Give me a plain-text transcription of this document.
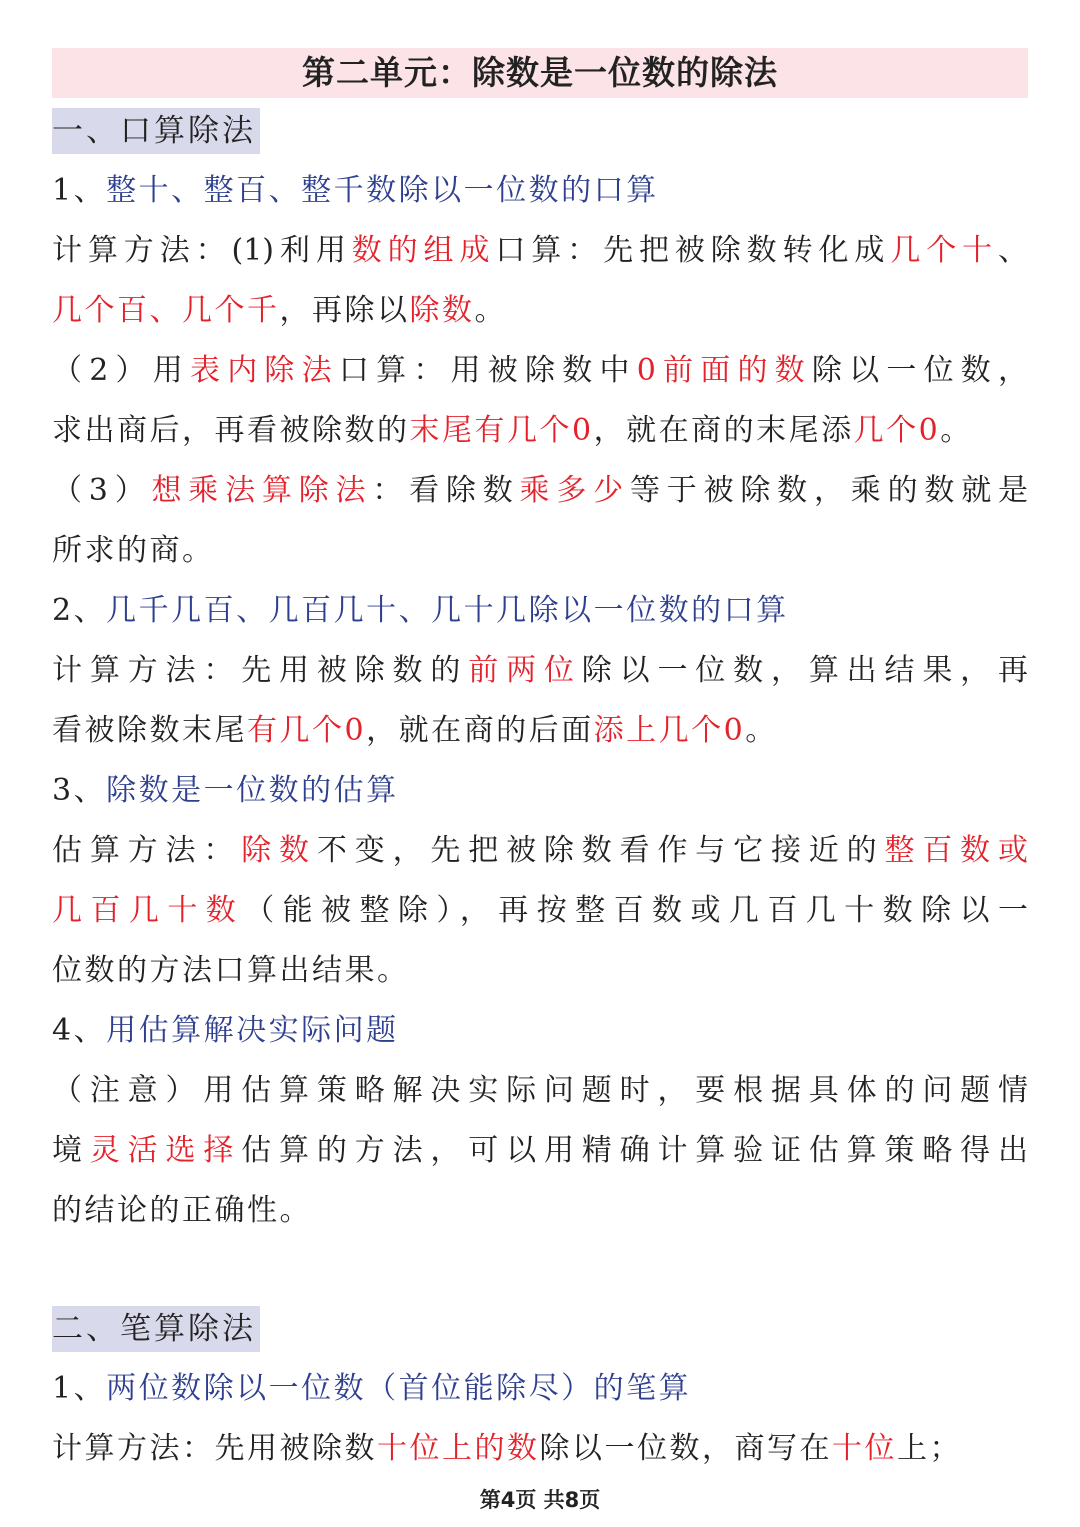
第二单元：除数是一位数的除法
一、口算除法
1、整十、整百、整千数除以一位数的口算
计算方法：(1)利用数的组成口算：先把被除数转化成几个十、
几个百、几个千，再除以除数。
（2）用表内除法口算：用被除数中0前面的数除以一位数，
求出商后，再看被除数的末尾有几个0，就在商的末尾添几个0。
（3）想乘法算除法：看除数乘多少等于被除数，乘的数就是
所求的商。
2、几千几百、几百几十、几十几除以一位数的口算
计算方法：先用被除数的前两位除以一位数，算出结果，再
看被除数末尾有几个0，就在商的后面添上几个0。
3、除数是一位数的估算
估算方法：除数不变，先把被除数看作与它接近的整百数或
几百几十数（能被整除），再按整百数或几百几十数除以一
位数的方法口算出结果。
4、用估算解决实际问题
（注意）用估算策略解决实际问题时，要根据具体的问题情
境灵活选择估算的方法，可以用精确计算验证估算策略得出
的结论的正确性。
二、笔算除法
1、两位数除以一位数（首位能除尽）的笔算
计算方法：先用被除数十位上的数除以一位数，商写在十位上；
第4页 共8页
